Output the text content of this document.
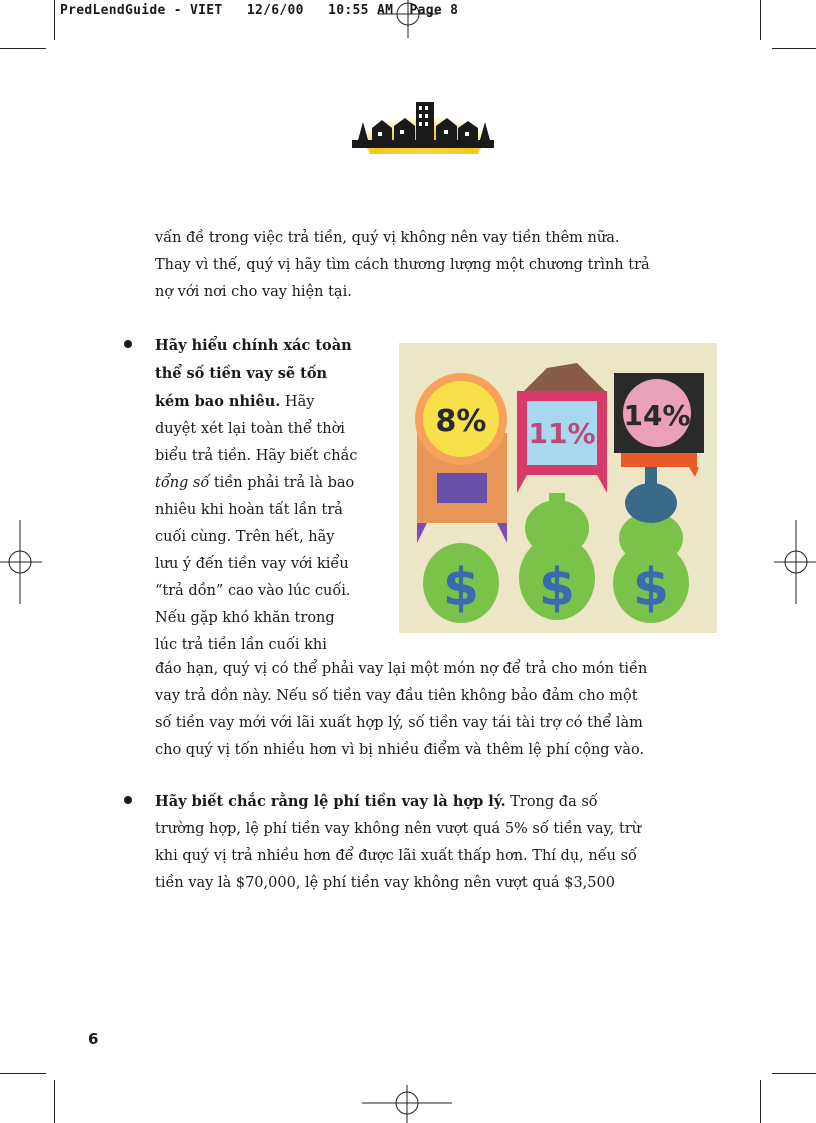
PredLendGuide - VIET   12/6/00   10:55 AM  Page 8

vấn đề trong việc trả tiền, quý vị không nên vay tiền thêm nữa.
Thay vì thế, quý vị hãy tìm cách thương lượng một chương trình trả
nợ với nơi cho vay hiện tại.

Hãy hiểu chính xác toàn
thể số tiền vay sẽ tốn
kém bao nhiêu. Hãy
duyệt xét lại toàn thể thời
biểu trả tiền. Hãy biết chắc
tổng số tiền phải trả là bao
nhiêu khi hoàn tất lần trả
cuối cùng. Trên hết, hãy
lưu ý đến tiền vay với kiểu
“trả dồn” cao vào lúc cuối.
Nếu gặp khó khăn trong
lúc trả tiền lần cuối khi

đáo hạn, quý vị có thể phải vay lại một món nợ để trả cho món tiền
vay trả dồn này. Nếu số tiền vay đầu tiên không bảo đảm cho một
số tiền vay mới với lãi xuất hợp lý, số tiền vay tái tài trợ có thể làm
cho quý vị tốn nhiều hơn vì bị nhiều điểm và thêm lệ phí cộng vào.

8% 11%
14%
$ $ $

Hãy biết chắc rằng lệ phí tiền vay là hợp lý. Trong đa số
trường hợp, lệ phí tiền vay không nên vượt quá 5% số tiền vay, trừ
khi quý vị trả nhiều hơn để được lãi xuất thấp hơn. Thí dụ, nếu số
tiền vay là $70,000, lệ phí tiền vay không nên vượt quá $3,500

6
